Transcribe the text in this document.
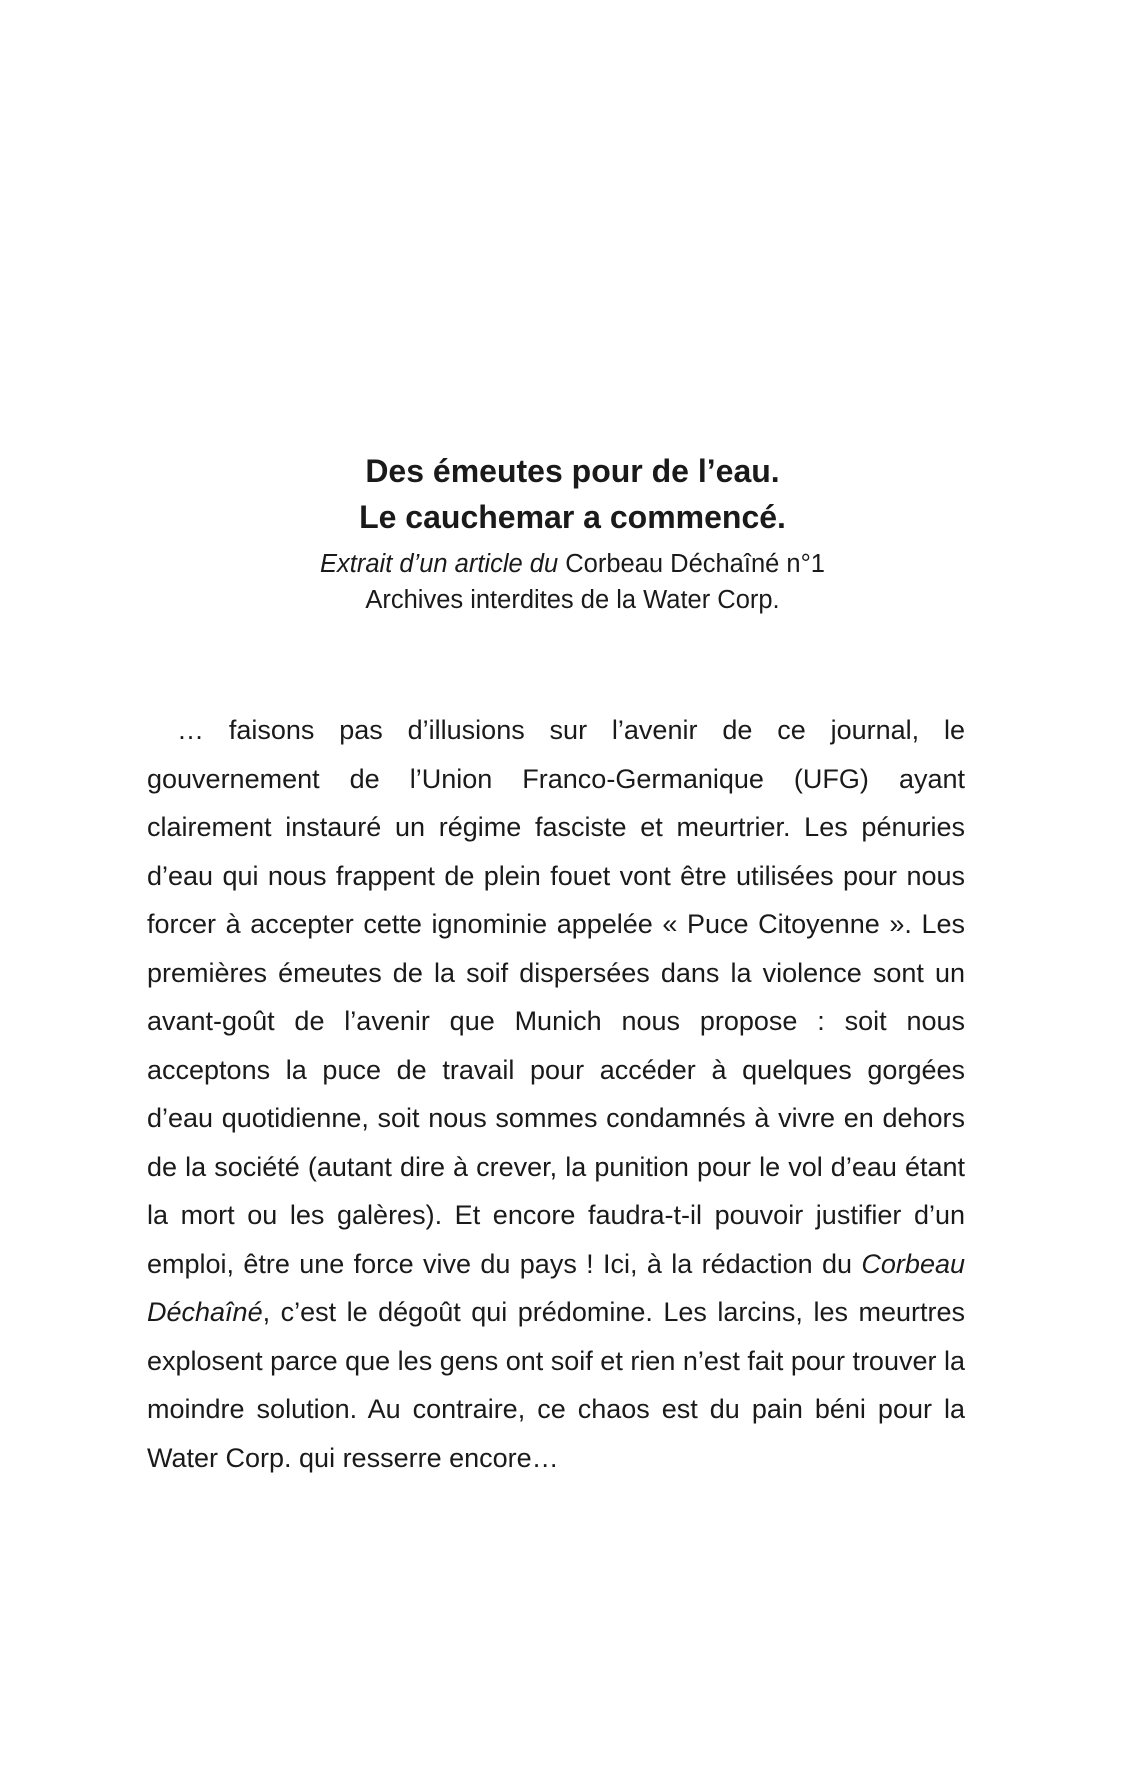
Des émeutes pour de l’eau.

Le cauchemar a commencé.

Extrait d’un article du Corbeau Déchaîné n°1

Archives interdites de la Water Corp.

… faisons pas d’illusions sur l’avenir de ce journal, le gouvernement de l’Union Franco-Germanique (UFG) ayant clairement instauré un régime fasciste et meurtrier. Les pénuries d’eau qui nous frappent de plein fouet vont être utilisées pour nous forcer à accepter cette ignominie appelée « Puce Citoyenne ». Les premières émeutes de la soif dispersées dans la violence sont un avant-goût de l’avenir que Munich nous propose : soit nous acceptons la puce de travail pour accéder à quelques gorgées d’eau quotidienne, soit nous sommes condamnés à vivre en dehors de la société (autant dire à crever, la punition pour le vol d’eau étant la mort ou les galères). Et encore faudra-t-il pouvoir justifier d’un emploi, être une force vive du pays ! Ici, à la rédaction du Corbeau Déchaîné, c’est le dégoût qui prédomine. Les larcins, les meurtres explosent parce que les gens ont soif et rien n’est fait pour trouver la moindre solution. Au contraire, ce chaos est du pain béni pour la Water Corp. qui resserre encore…
